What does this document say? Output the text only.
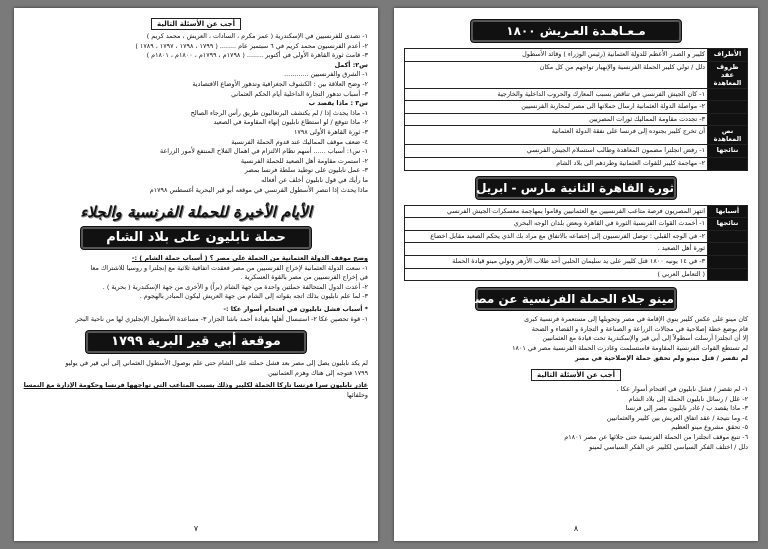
مـعـاهـدة العـريش ١٨٠٠
الأطراف	كليبر و الصدر الأعظم للدولة العثمانية (رئيس الوزراء ) وقائد الأسطول
ظروف عقد المعاهدة	دلل / تولي كليبر الحملة الفرنسية والإنهيار تواجهم من كل مكان
	١- كان الجيش الفرنسي في تناقص بسبب المعارك والحروب الداخلية والخارجية
	٢- مواصلة الدولة العثمانية ارسال حملاتها الى مصر لمحاربة الفرنسيين
	٣- تجددت مقاومة المماليك ثورات المصريين
نص المعاهدة	أن تخرج كليبر بجنوده إلى فرنسا على نفقة الدولة العثمانية
نتائجها	١- رفض انجلترا مضمون المعاهدة وطالب استسلام الجيش الفرنسي
	٢- مهاجمة كليبر للقوات العثمانية وطردهم الى بلاد الشام
ثورة القاهرة الثانية مارس - ابريل ١٨٠٠
أسبابها	انتهز المصريون فرصة متاعب الفرنسيين مع العثمانيين وقاموا بمهاجمة معسكرات الجيش الفرنسي
نتائجها	١- أخمدت القوات الفرنسية الثورة في القاهرة وبعض بلدان الوجه البحري
	٢- في الوجه القبلي : توصل الفرنسيون إلى إخضاعه بالاتفاق مع مراد بك الذي يحكم الصعيد مقابل اخضاع
	ثورة أهل الصعيد .
	٣- في ١٤ يونيه ١٨٠٠ قتل كليبر على يد سليمان الحلبي أحد طلاب الأزهر وتولي مينو قيادة الحملة
	( التعامل العربي )
مينو جلاء الحملة الفرنسية عن مصر
كان مينو على عكس كليبر ينوي الإقامة في مصر وتحويلها إلى مستعمرة فرنسية كبرى
قام بوضع خطة إصلاحية في مجالات الزراعة و الصناعة و التجارة و القضاء و الصحة
إلا أن انجلترا أرسلت أسطولاً إلى أبي قير والإسكندرية تحت قيادة مع العثمانيين
لم تستطع القوات الفرنسية المقاومة فاستسلمت وغادرت الحملة الفرنسية مصر في ١٨٠١
لم تقصر / قتل مينو ولم تحقق حملة الإصلاحية في مصر
أجب عن الأسئلة التالية
١- لم تقصر / فشل نابليون في اقتحام أسوار عكا .
٢- علل / رسائل نابليون الحملة إلى بلاد الشام
٣- ماذا يقصد ب / غادر نابليون مصر إلى فرنسا
٤- وما نتيجة / عقد اتفاق العريش بين كليبر والعثمانيين
٥- تحقق مشروع مينو العظيم
٦- تنبع موقف انجلترا من الحملة الفرنسية حتى جلائها عن مصر ١٨٠١م
دلل / اختلف الفكر السياسي لكليبر عن الفكر السياسي لمينو
٨
أجب عن الأسئلة التالية
١- تصدى للفرنسيين في الإسكندرية ( عمر مكرم ، السادات ، العريش ، محمد كريم )
٢- أعدم الفرنسيون محمد كريم في ٦ سبتمبر عام ........ ( ١٧٩٩ ، ١٧٩٨ ، ١٧٩٧ ، ١٧٨٩ )
٣- قامت ثورة القاهرة الأولى في أكتوبر ........ ( ١٧٩٨م ، ١٧٩٩م ، ١٨٠٠م ، ١٨٠١م )
س٢: أكمل
١- الشرق والفرنسيين ............
٢- وضح العلاقة بين : الكشوف الجغرافية وتدهور الأوضاع الاقتصادية
٣- أسباب تدهور التجارة الداخلية أيام الحكم العثماني
س٣ : ماذا يقصد ب
١- ماذا يحدث إذا / لم يكتشف البرتغاليون طريق رأس الرجاء الصالح
٢- ماذا تتوقع / لو استطاع نابليون إنهاء المقاومة في الصعيد
٣- ثورة القاهرة الأولى ١٧٩٨
٤- ضعف موقف المماليك عند قدوم الحملة الفرنسية
١- س١: أسباب ...... أسهم نظام الالتزام في اهمال الفلاح المنتفع لأمور الزراعة
٢- استمرت مقاومة أهل الصعيد للحملة الفرنسية
٣- عمل نابليون على توطيد سلطة فرنسا بمصر
ما رأيك في قول نابليون أخلف عن أفعاله
ماذا يحدث إذا انتصر الأسطول الفرنسي في موقعه أبو قير البحرية أغسطس ١٧٩٨م
الأيام الأخيرة للحملة الفرنسية والجلاء
حملة نابليون على بلاد الشام
وضح موقف الدولة العثمانية من الحملة على مصر ؟ ( أسباب حملة الشام ) :-
١- سعت الدولة العثمانية لإخراج الفرنسيين من مصر فعقدت اتفاقية ثلاثية مع إنجلترا و روسيا للاشتراك معا
في إخراج الفرنسيين من مصر بالقوة العسكرية .
٢- أعدت الدول المتحالفة حملتين واحدة من جهة الشام (براً) و الأخرى من جهة الإسكندرية ( بحرية ) .
٣- لما علم نابليون بذلك اتجه بقواته إلى الشام من جهة العريش ليكون المبادر بالهجوم .
* أسباب فشل نابليون في اقتحام أسوار عكا :-
١- قوة تحصين عكا ٢- استبسال أهلها بقيادة أحمد باشا الجزار ٣- مساعدة الأسطول الإنجليزي لها من ناحية البحر
موقعة أبي قير البرية ١٧٩٩
لم يكد نابليون يصل إلى مصر بعد فشل حملته على الشام حتى علم بوصول الأسطول العثماني إلى أبي قير في يوليو
١٧٩٩ فتوجه إلى هناك وهزم العثمانيين
غادر نابليون سرا فرنسا تاركا الحملة لكليبر وذلك بسبب المتاعب التي تواجهها فرنسا وحكومة الإدارة مع النمسا
وحلفائها
٧
